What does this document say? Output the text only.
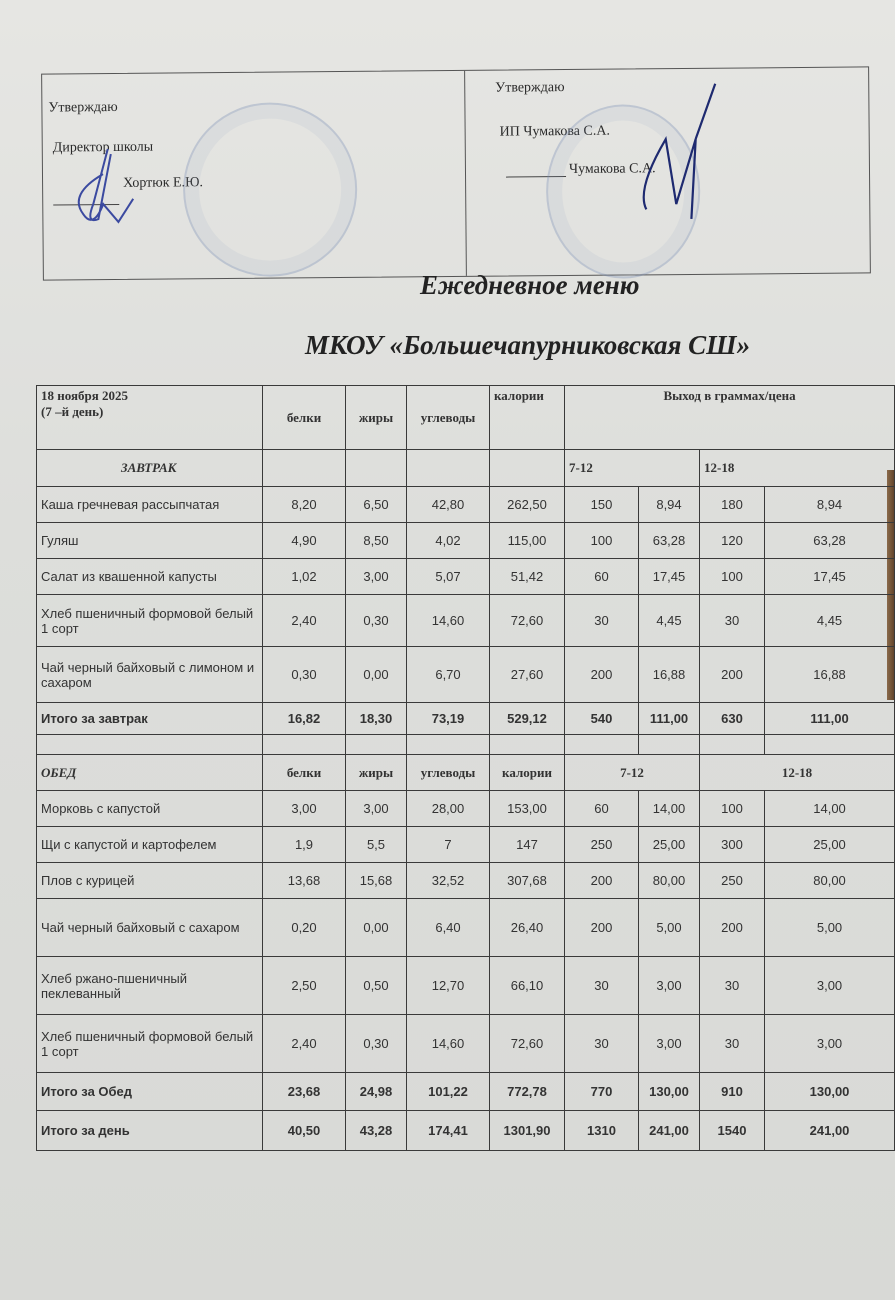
Утверждаю
Директор школы
Хортюк Е.Ю.
Утверждаю
ИП Чумакова С.А.
Чумакова С.А.
Ежедневное меню
МКОУ «Большечапурниковская СШ»
18 ноября 2025
(7 –й день)	белки	жиры	углеводы	калории	Выход в граммах/цена			
ЗАВТРАК					7-12		12-18	
Каша гречневая рассыпчатая	8,20	6,50	42,80	262,50	150	8,94	180	8,94
Гуляш	4,90	8,50	4,02	115,00	100	63,28	120	63,28
Салат из квашенной капусты	1,02	3,00	5,07	51,42	60	17,45	100	17,45
Хлеб пшеничный формовой белый 1 сорт	2,40	0,30	14,60	72,60	30	4,45	30	4,45
Чай черный байховый с лимоном и сахаром	0,30	0,00	6,70	27,60	200	16,88	200	16,88
Итого за завтрак	16,82	18,30	73,19	529,12	540	111,00	630	111,00

ОБЕД	белки	жиры	углеводы	калории	7-12		12-18	
Морковь с капустой	3,00	3,00	28,00	153,00	60	14,00	100	14,00
Щи с капустой и картофелем	1,9	5,5	7	147	250	25,00	300	25,00
Плов с курицей	13,68	15,68	32,52	307,68	200	80,00	250	80,00
Чай черный байховый с сахаром	0,20	0,00	6,40	26,40	200	5,00	200	5,00
Хлеб ржано-пшеничный пеклеванный	2,50	0,50	12,70	66,10	30	3,00	30	3,00
Хлеб пшеничный формовой белый 1 сорт	2,40	0,30	14,60	72,60	30	3,00	30	3,00
Итого за Обед	23,68	24,98	101,22	772,78	770	130,00	910	130,00
Итого за день	40,50	43,28	174,41	1301,90	1310	241,00	1540	241,00
